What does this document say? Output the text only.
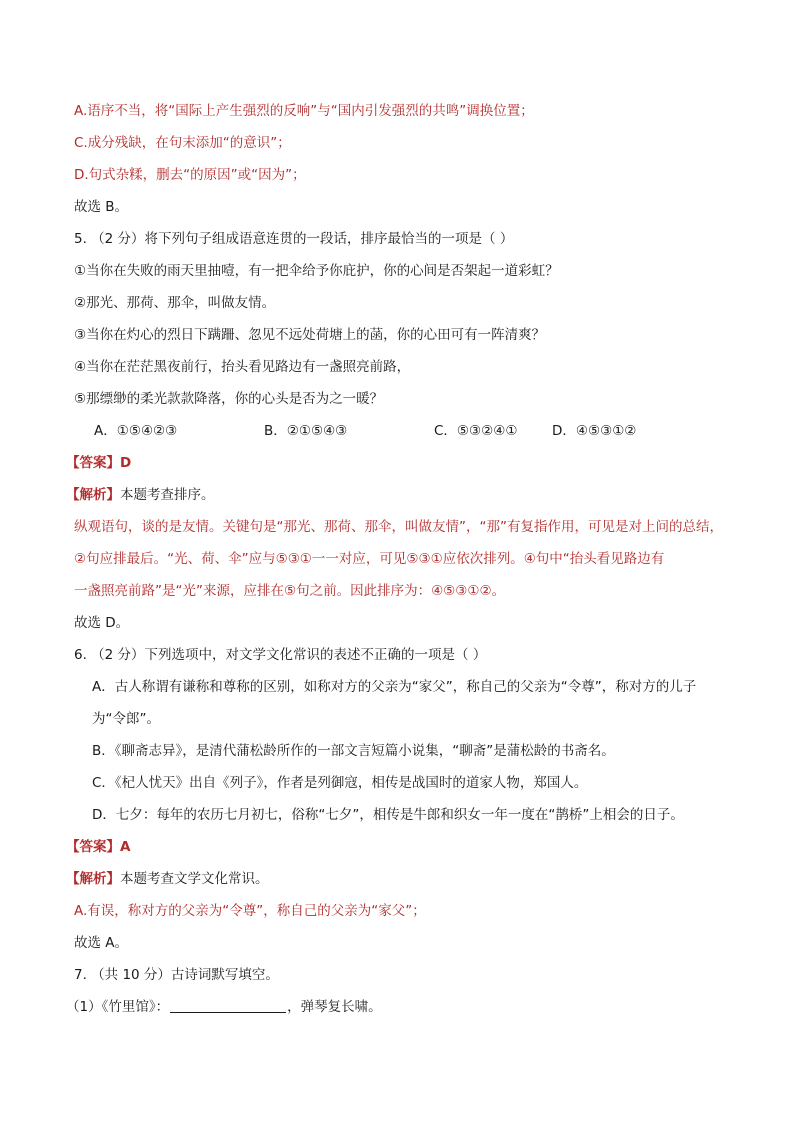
A.语序不当，将“国际上产生强烈的反响”与“国内引发强烈的共鸣”调换位置；
C.成分残缺，在句末添加“的意识”；
D.句式杂糅，删去“的原因”或“因为”；
故选 B。
5. （2 分）将下列句子组成语意连贯的一段话，排序最恰当的一项是（ ）
①当你在失败的雨天里抽噎，有一把伞给予你庇护，你的心间是否架起一道彩虹？
②那光、那荷、那伞，叫做友情。
③当你在灼心的烈日下蹒跚、忽见不远处荷塘上的菡，你的心田可有一阵清爽？
④当你在茫茫黑夜前行，抬头看见路边有一盏照亮前路，
⑤那缥缈的柔光款款降落，你的心头是否为之一暖？
A．①⑤④②③	B．②①⑤④③	C．⑤③②④①	D．④⑤③①②
【答案】D
【解析】本题考查排序。
纵观语句，谈的是友情。关键句是“那光、那荷、那伞，叫做友情”，“那”有复指作用，可见是对上问的总结，
②句应排最后。“光、荷、伞”应与⑤③①一一对应，可见⑤③①应依次排列。④句中“抬头看见路边有
一盏照亮前路”是“光”来源，应排在⑤句之前。因此排序为：④⑤③①②。
故选 D。
6. （2 分）下列选项中，对文学文化常识的表述不正确的一项是（ ）
A．古人称谓有谦称和尊称的区别，如称对方的父亲为“家父”，称自己的父亲为“令尊”，称对方的儿子
为“令郎”。
B．《聊斋志异》，是清代蒲松龄所作的一部文言短篇小说集，“聊斋”是蒲松龄的书斋名。
C．《杞人忧天》出自《列子》，作者是列御寇，相传是战国时的道家人物，郑国人。
D．七夕：每年的农历七月初七，俗称“七夕”，相传是牛郎和织女一年一度在“鹊桥”上相会的日子。
【答案】A
【解析】本题考查文学文化常识。
A.有误，称对方的父亲为“令尊”，称自己的父亲为“家父”；
故选 A。
7. （共 10 分）古诗词默写填空。
（1）《竹里馆》：	，弹琴复长啸。
